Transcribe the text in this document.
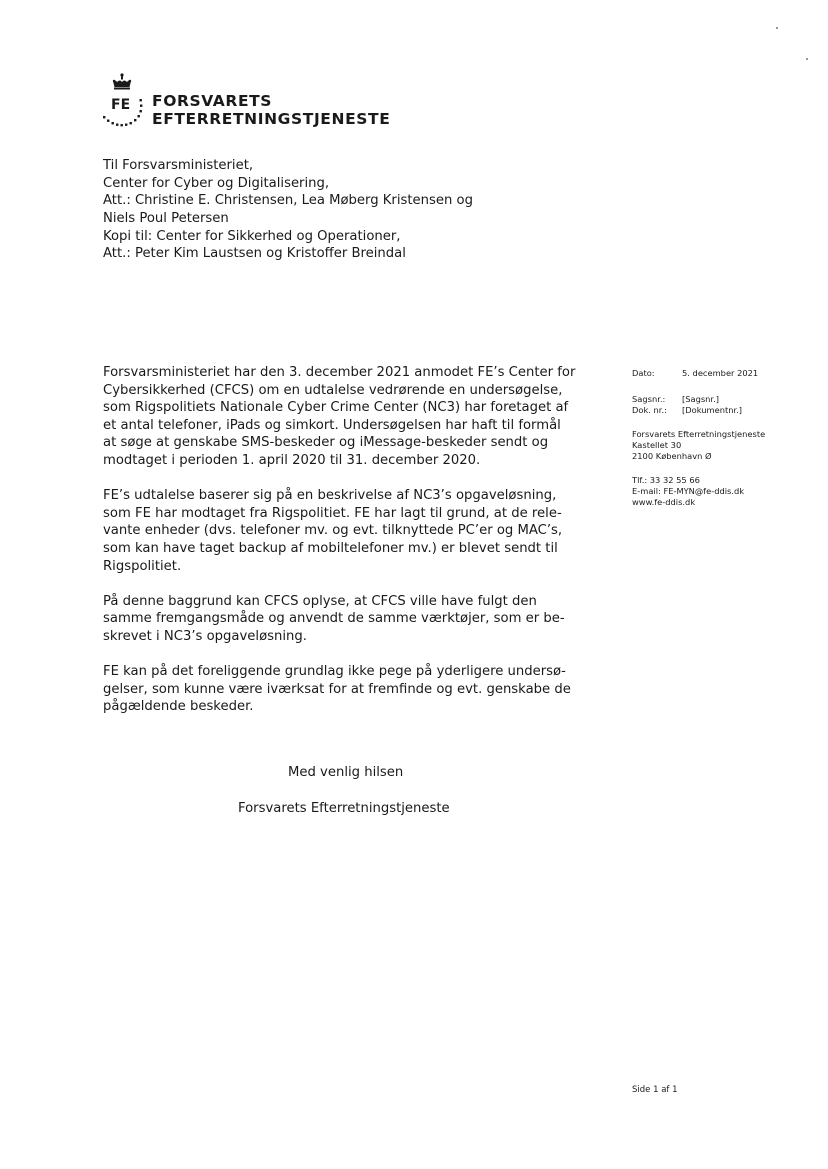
FE FORSVARETS
EFTERRETNINGSTJENESTE
Til Forsvarsministeriet,
Center for Cyber og Digitalisering,
Att.: Christine E. Christensen, Lea Møberg Kristensen og
Niels Poul Petersen
Kopi til: Center for Sikkerhed og Operationer,
Att.: Peter Kim Laustsen og Kristoffer Breindal
Forsvarsministeriet har den 3. december 2021 anmodet FE’s Center for
Cybersikkerhed (CFCS) om en udtalelse vedrørende en undersøgelse,
som Rigspolitiets Nationale Cyber Crime Center (NC3) har foretaget af
et antal telefoner, iPads og simkort. Undersøgelsen har haft til formål
at søge at genskabe SMS-beskeder og iMessage-beskeder sendt og
modtaget i perioden 1. april 2020 til 31. december 2020.
FE’s udtalelse baserer sig på en beskrivelse af NC3’s opgaveløsning,
som FE har modtaget fra Rigspolitiet. FE har lagt til grund, at de rele-
vante enheder (dvs. telefoner mv. og evt. tilknyttede PC’er og MAC’s,
som kan have taget backup af mobiltelefoner mv.) er blevet sendt til
Rigspolitiet.
På denne baggrund kan CFCS oplyse, at CFCS ville have fulgt den
samme fremgangsmåde og anvendt de samme værktøjer, som er be-
skrevet i NC3’s opgaveløsning.
FE kan på det foreliggende grundlag ikke pege på yderligere undersø-
gelser, som kunne være iværksat for at fremfinde og evt. genskabe de
pågældende beskeder.
Med venlig hilsen
Forsvarets Efterretningstjeneste
Dato:	5. december 2021
Sagsnr.:	[Sagsnr.]
Dok. nr.:	[Dokumentnr.]
Forsvarets Efterretningstjeneste
Kastellet 30
2100 København Ø
Tlf.: 33 32 55 66
E-mail: FE-MYN@fe-ddis.dk
www.fe-ddis.dk
Side 1 af 1
